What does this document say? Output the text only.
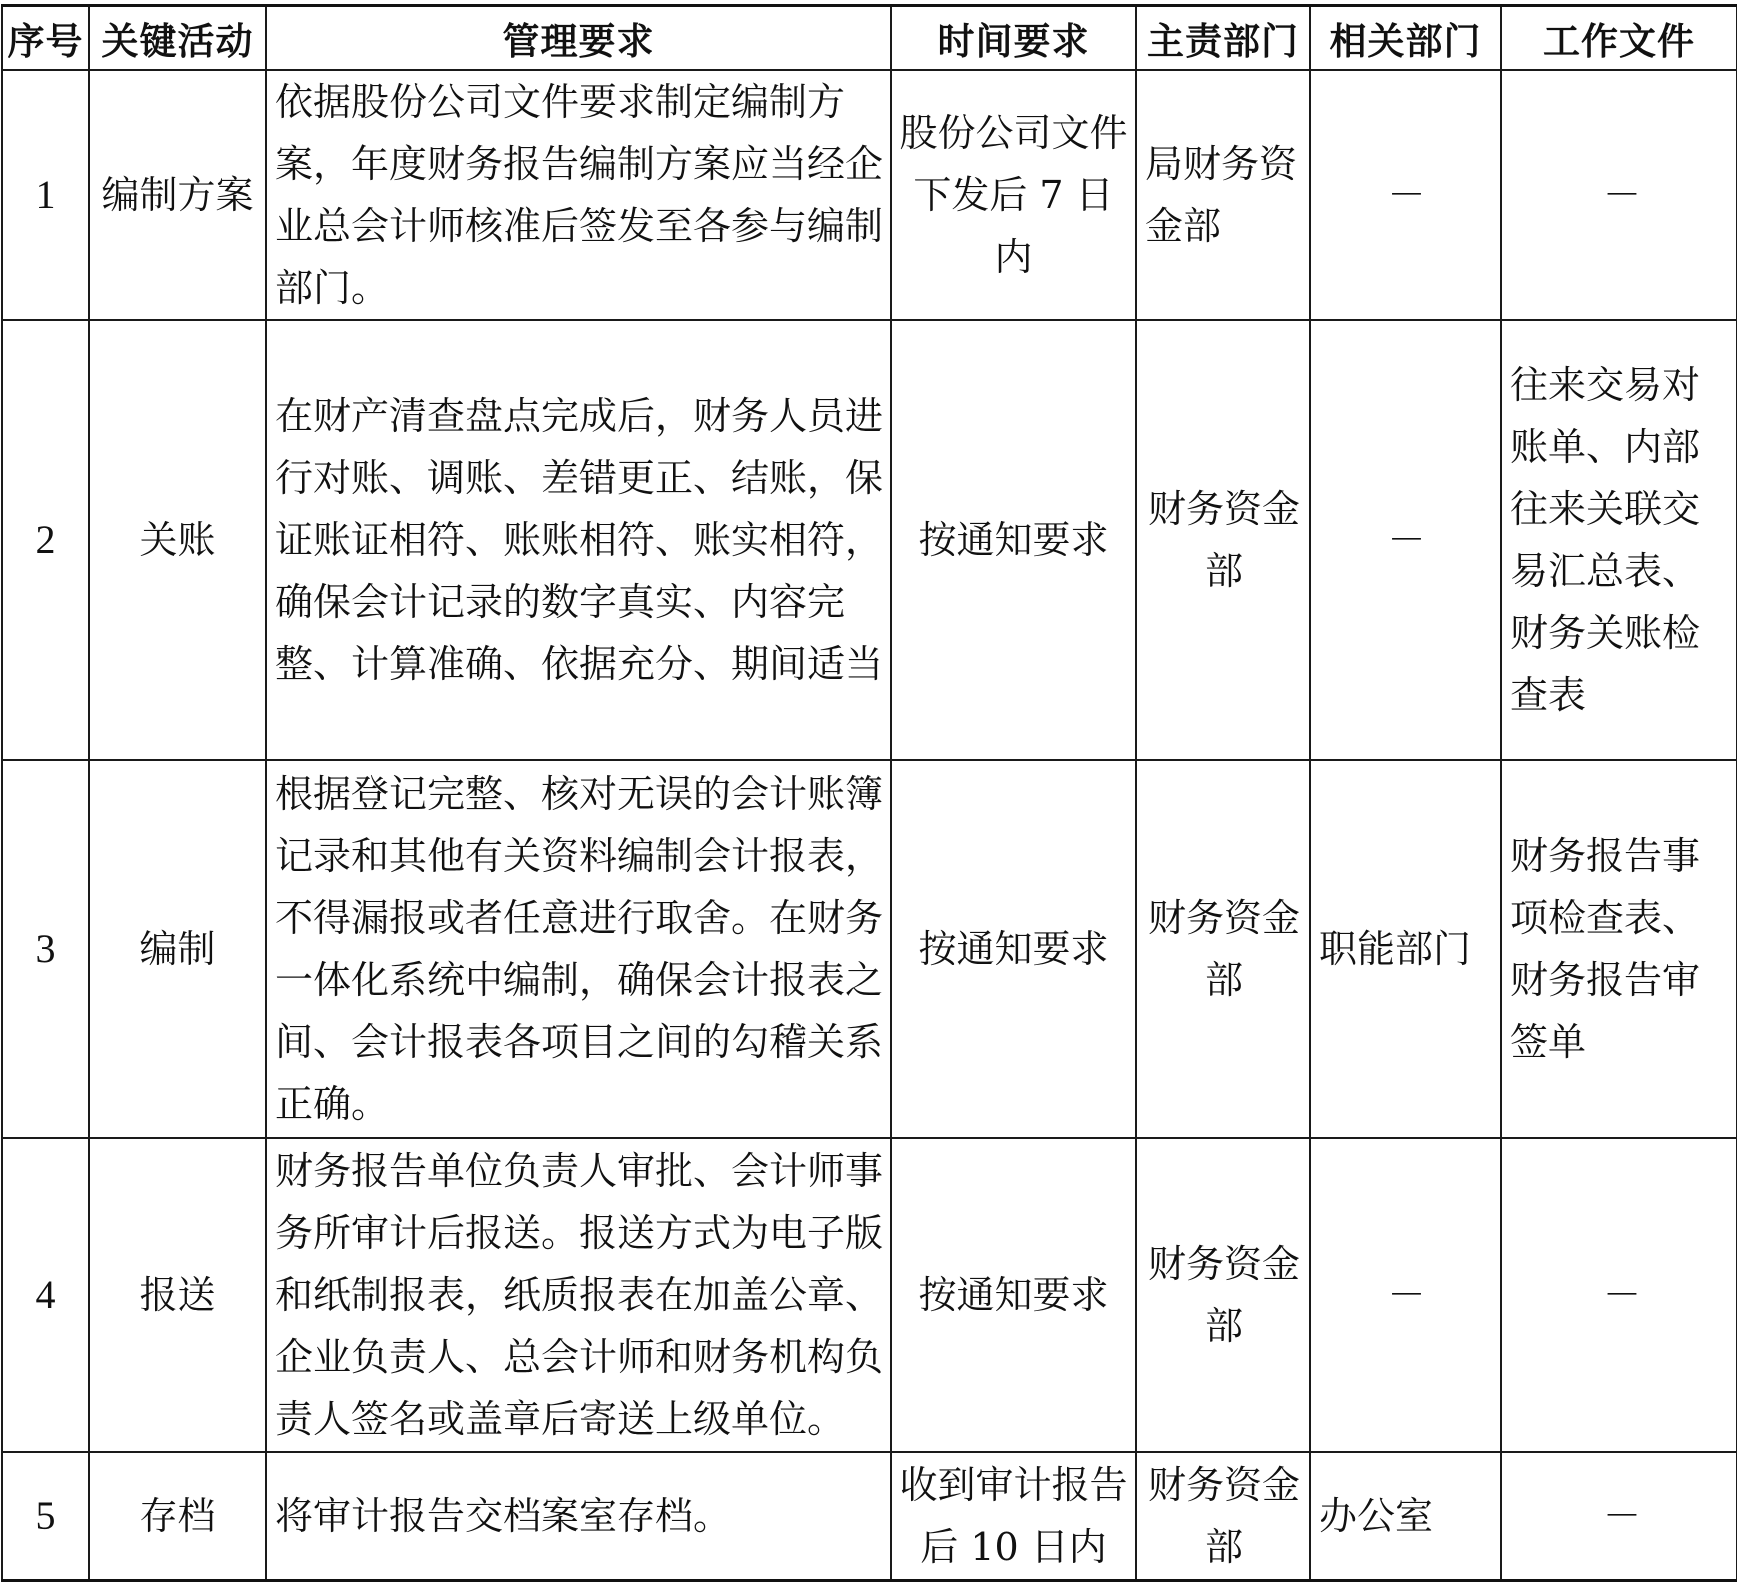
序号	关键活动	管理要求	时间要求	主责部门	相关部门	工作文件
1	编制方案	依据股份公司文件要求制定编制方案，年度财务报告编制方案应当经企业总会计师核准后签发至各参与编制部门。	股份公司文件下发后 7 日内	局财务资金部	－	－
2	关账	在财产清查盘点完成后，财务人员进行对账、调账、差错更正、结账，保证账证相符、账账相符、账实相符，确保会计记录的数字真实、内容完整、计算准确、依据充分、期间适当	按通知要求	财务资金部	－	往来交易对账单、内部往来关联交易汇总表、财务关账检查表
3	编制	根据登记完整、核对无误的会计账簿记录和其他有关资料编制会计报表，不得漏报或者任意进行取舍。在财务一体化系统中编制，确保会计报表之间、会计报表各项目之间的勾稽关系正确。	按通知要求	财务资金部	职能部门	财务报告事项检查表、财务报告审签单
4	报送	财务报告单位负责人审批、会计师事务所审计后报送。报送方式为电子版和纸制报表，纸质报表在加盖公章、企业负责人、总会计师和财务机构负责人签名或盖章后寄送上级单位。	按通知要求	财务资金部	－	－
5	存档	将审计报告交档案室存档。	收到审计报告后 10 日内	财务资金部	办公室	－
